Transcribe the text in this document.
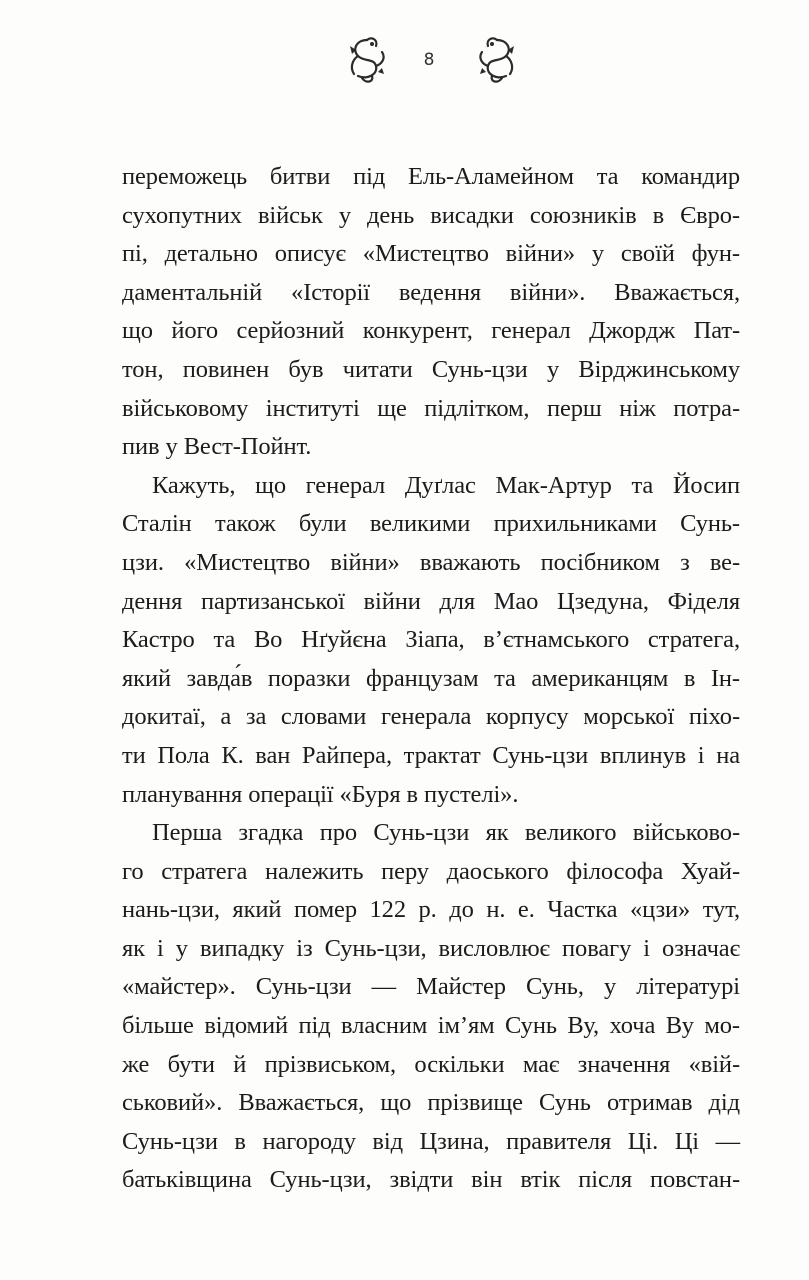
8
переможець битви під Ель-Аламейном та командир
сухопутних військ у день висадки союзників в Євро-
пі, детально описує «Мистецтво війни» у своїй фун-
даментальній «Історії ведення війни». Вважається,
що його серйозний конкурент, генерал Джордж Пат-
тон, повинен був читати Сунь-цзи у Вірджинському
військовому інституті ще підлітком, перш ніж потра-
пив у Вест-Пойнт.
Кажуть, що генерал Дуґлас Мак-Артур та Йосип
Сталін також були великими прихильниками Сунь-
цзи. «Мистецтво війни» вважають посібником з ве-
дення партизанської війни для Мао Цзедуна, Фіделя
Кастро та Во Нґуйєна Зіапа, в’єтнамського стратега,
який завда́в поразки французам та американцям в Ін-
докитаї, а за словами генерала корпусу морської піхо-
ти Пола К. ван Райпера, трактат Сунь-цзи вплинув і на
планування операції «Буря в пустелі».
Перша згадка про Сунь-цзи як великого військово-
го стратега належить перу даоського філософа Хуай-
нань-цзи, який помер 122 р. до н. е. Частка «цзи» тут,
як і у випадку із Сунь-цзи, висловлює повагу і означає
«майстер». Сунь-цзи — Майстер Сунь, у літературі
більше відомий під власним ім’ям Сунь Ву, хоча Ву мо-
же бути й прізвиськом, оскільки має значення «вій-
ськовий». Вважається, що прізвище Сунь отримав дід
Сунь-цзи в нагороду від Цзина, правителя Ці. Ці —
батьківщина Сунь-цзи, звідти він втік після повстан-
